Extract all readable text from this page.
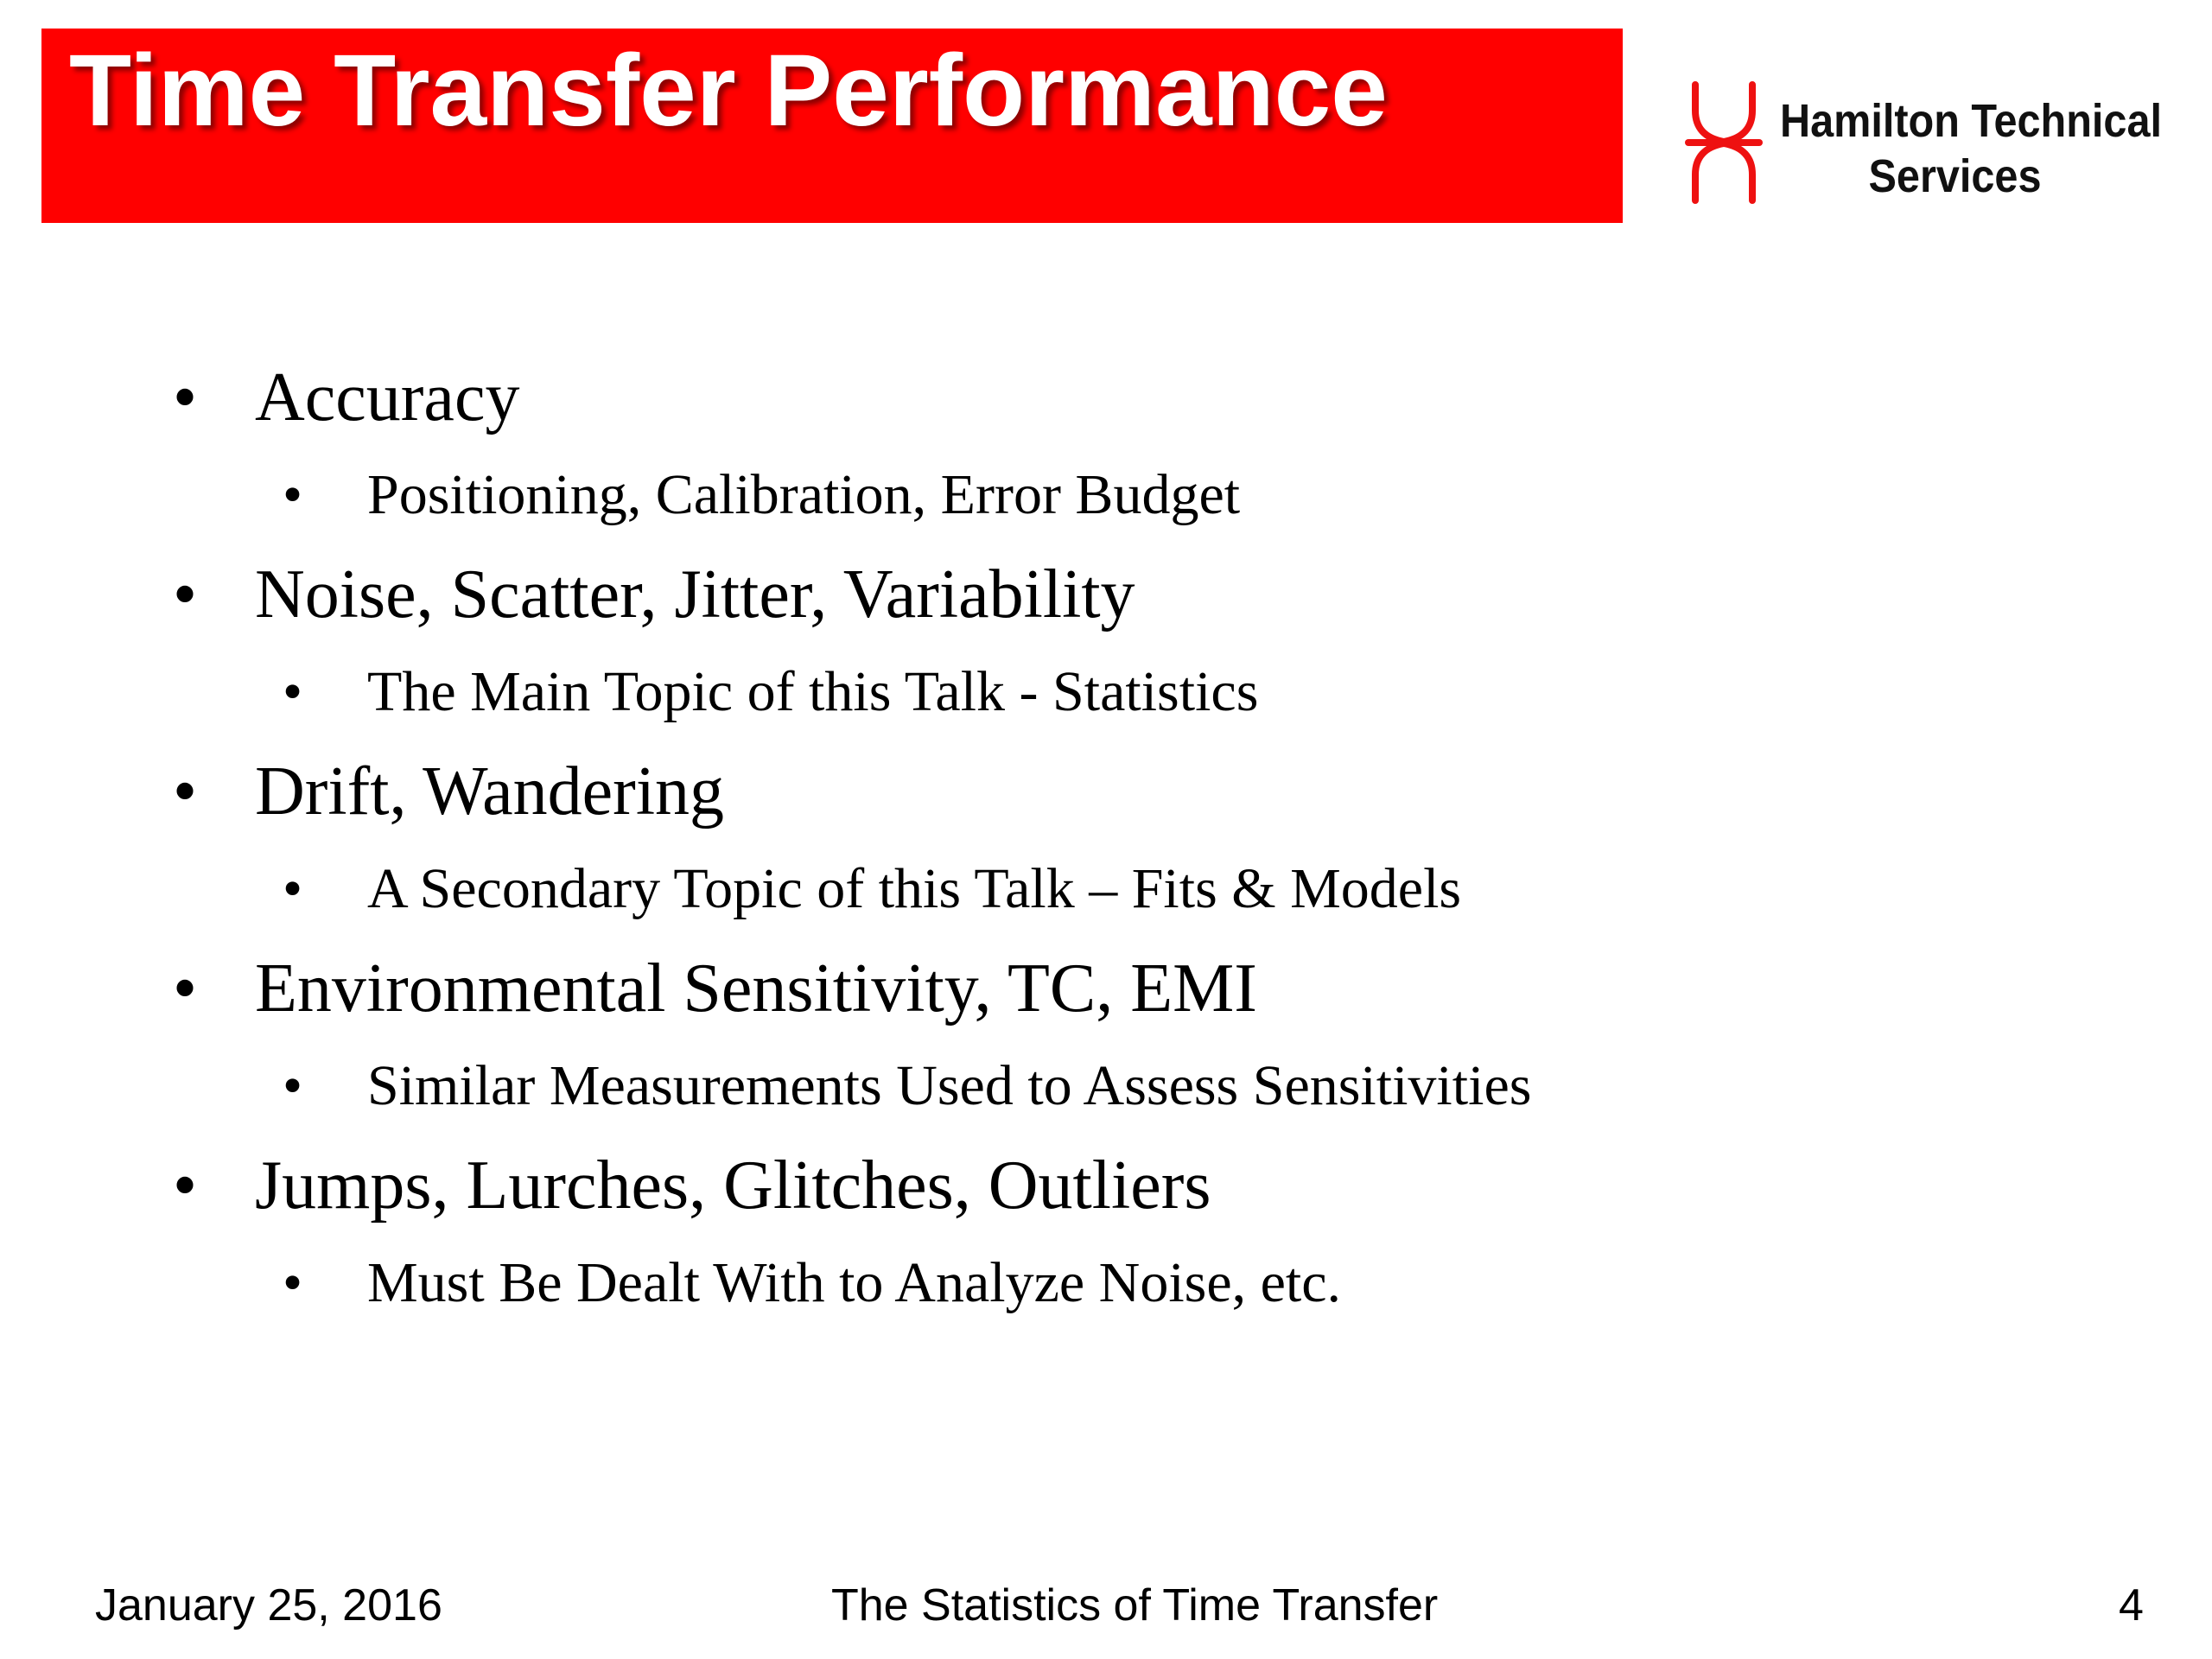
Time Transfer Performance	Hamilton Technical
Services
• Accuracy
• Positioning, Calibration, Error Budget
• Noise, Scatter, Jitter, Variability
• The Main Topic of this Talk - Statistics
• Drift, Wandering
• A Secondary Topic of this Talk – Fits & Models
• Environmental Sensitivity, TC, EMI
• Similar Measurements Used to Assess Sensitivities
• Jumps, Lurches, Glitches, Outliers
• Must Be Dealt With to Analyze Noise, etc.
January 25, 2016	The Statistics of Time Transfer	4
